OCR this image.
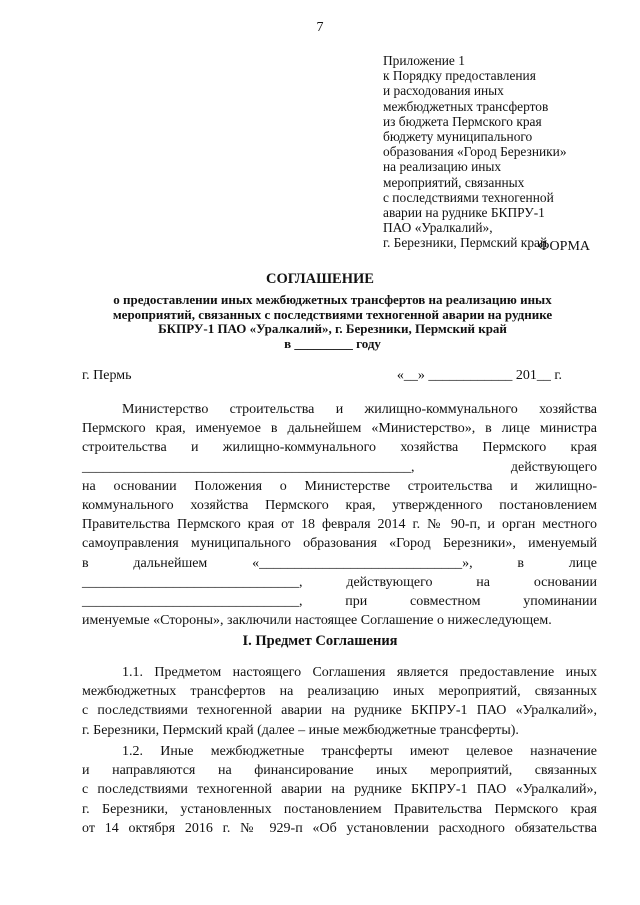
7
Приложение 1
к Порядку предоставления
и расходования иных
межбюджетных трансфертов
из бюджета Пермского края
бюджету муниципального
образования «Город Березники»
на реализацию иных
мероприятий, связанных
с последствиями техногенной
аварии на руднике БКПРУ-1
ПАО «Уралкалий»,
г. Березники, Пермский край
ФОРМА
СОГЛАШЕНИЕ
о предоставлении иных межбюджетных трансфертов на реализацию иных
мероприятий, связанных с последствиями техногенной аварии на руднике
БКПРУ-1 ПАО «Уралкалий», г. Березники, Пермский край
в _________ году
г. Пермь	«__» ____________ 201__ г.
Министерство строительства и жилищно-коммунального хозяйства
Пермского края, именуемое в дальнейшем «Министерство», в лице министра
строительства и жилищно-коммунального хозяйства Пермского края
_______________________________________________, действующего
на основании Положения о Министерстве строительства и жилищно-
коммунального хозяйства Пермского края, утвержденного постановлением
Правительства Пермского края от 18 февраля 2014 г. № 90-п, и орган местного
самоуправления муниципального образования «Город Березники», именуемый
в дальнейшем «_____________________________», в лице
_______________________________, действующего на основании
_______________________________, при совместном упоминании
именуемые «Стороны», заключили настоящее Соглашение о нижеследующем.
I. Предмет Соглашения
1.1. Предметом настоящего Соглашения является предоставление иных
межбюджетных трансфертов на реализацию иных мероприятий, связанных
с последствиями техногенной аварии на руднике БКПРУ-1 ПАО «Уралкалий»,
г. Березники, Пермский край (далее – иные межбюджетные трансферты).
1.2. Иные межбюджетные трансферты имеют целевое назначение
и направляются на финансирование иных мероприятий, связанных
с последствиями техногенной аварии на руднике БКПРУ-1 ПАО «Уралкалий»,
г. Березники, установленных постановлением Правительства Пермского края
от 14 октября 2016 г. № 929-п «Об установлении расходного обязательства
